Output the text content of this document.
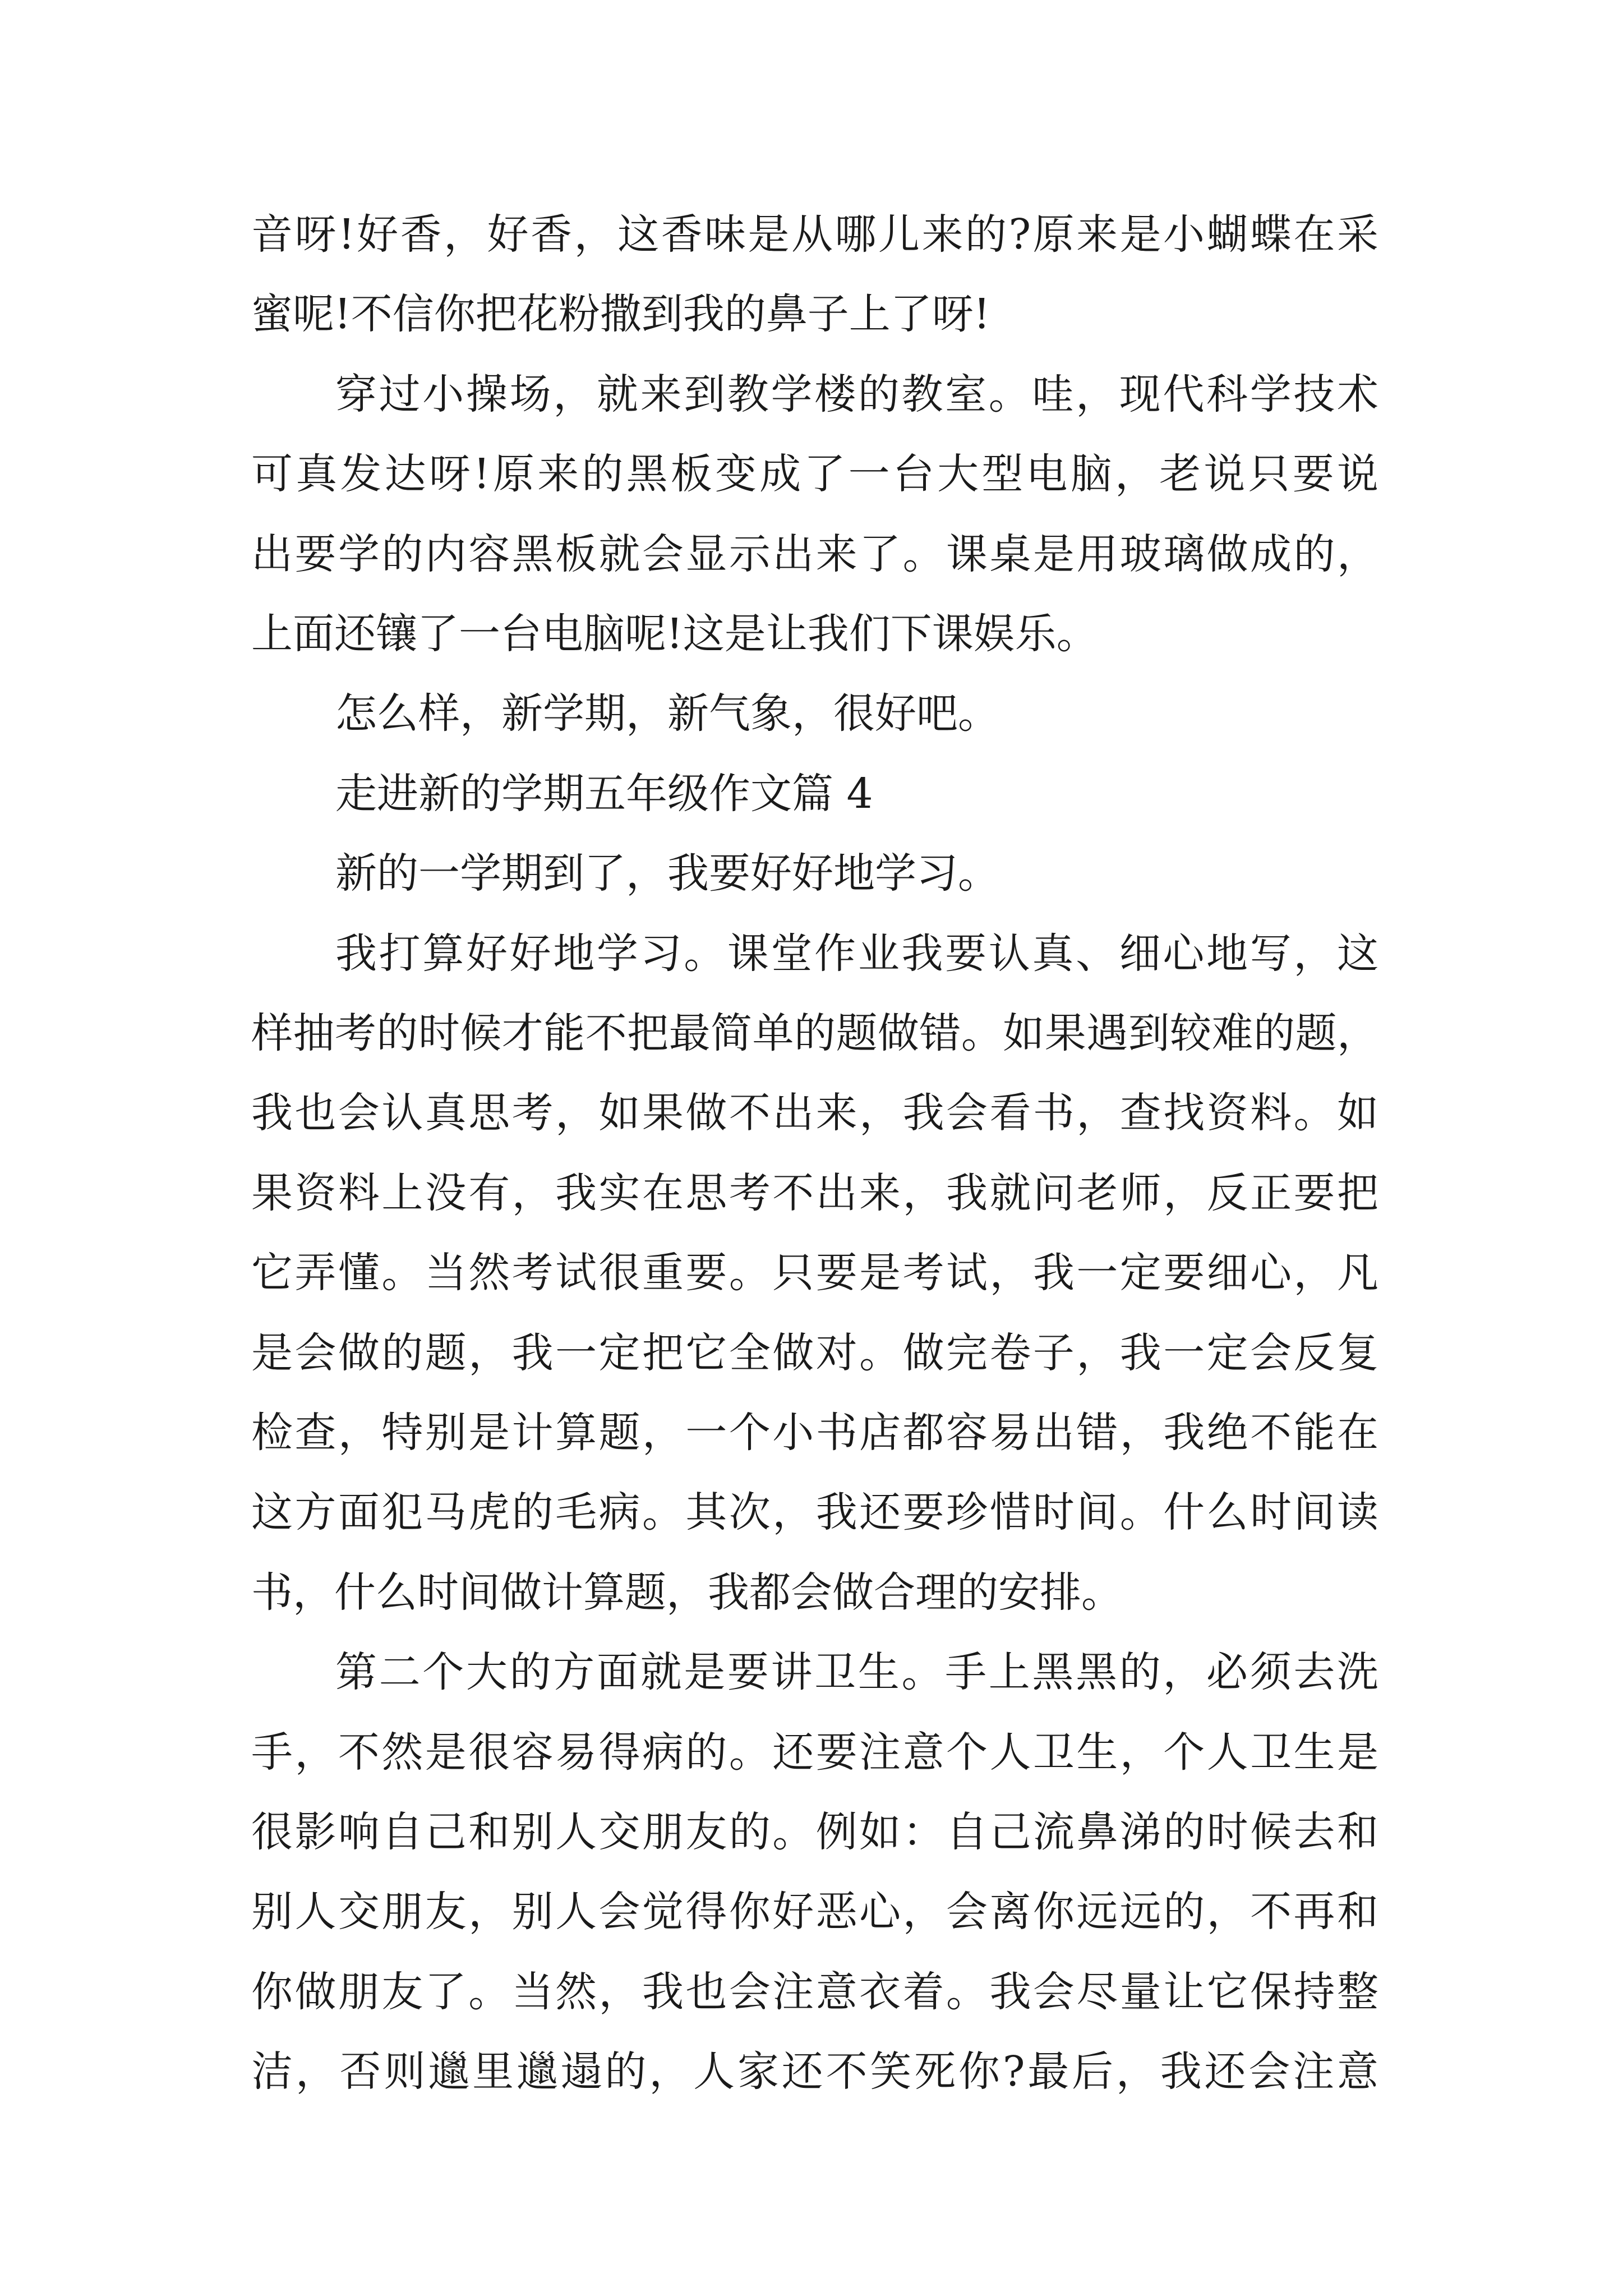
音呀!好香，好香，这香味是从哪儿来的?原来是小蝴蝶在采
蜜呢!不信你把花粉撒到我的鼻子上了呀!
穿过小操场，就来到教学楼的教室。哇，现代科学技术
可真发达呀!原来的黑板变成了一台大型电脑，老说只要说
出要学的内容黑板就会显示出来了。课桌是用玻璃做成的，
上面还镶了一台电脑呢!这是让我们下课娱乐。
怎么样，新学期，新气象，很好吧。
走进新的学期五年级作文篇 4
新的一学期到了，我要好好地学习。
我打算好好地学习。课堂作业我要认真、细心地写，这
样抽考的时候才能不把最简单的题做错。如果遇到较难的题，
我也会认真思考，如果做不出来，我会看书，查找资料。如
果资料上没有，我实在思考不出来，我就问老师，反正要把
它弄懂。当然考试很重要。只要是考试，我一定要细心，凡
是会做的题，我一定把它全做对。做完卷子，我一定会反复
检查，特别是计算题，一个小书店都容易出错，我绝不能在
这方面犯马虎的毛病。其次，我还要珍惜时间。什么时间读
书，什么时间做计算题，我都会做合理的安排。
第二个大的方面就是要讲卫生。手上黑黑的，必须去洗
手，不然是很容易得病的。还要注意个人卫生，个人卫生是
很影响自己和别人交朋友的。例如：自己流鼻涕的时候去和
别人交朋友，别人会觉得你好恶心，会离你远远的，不再和
你做朋友了。当然，我也会注意衣着。我会尽量让它保持整
洁，否则邋里邋遢的，人家还不笑死你?最后，我还会注意
